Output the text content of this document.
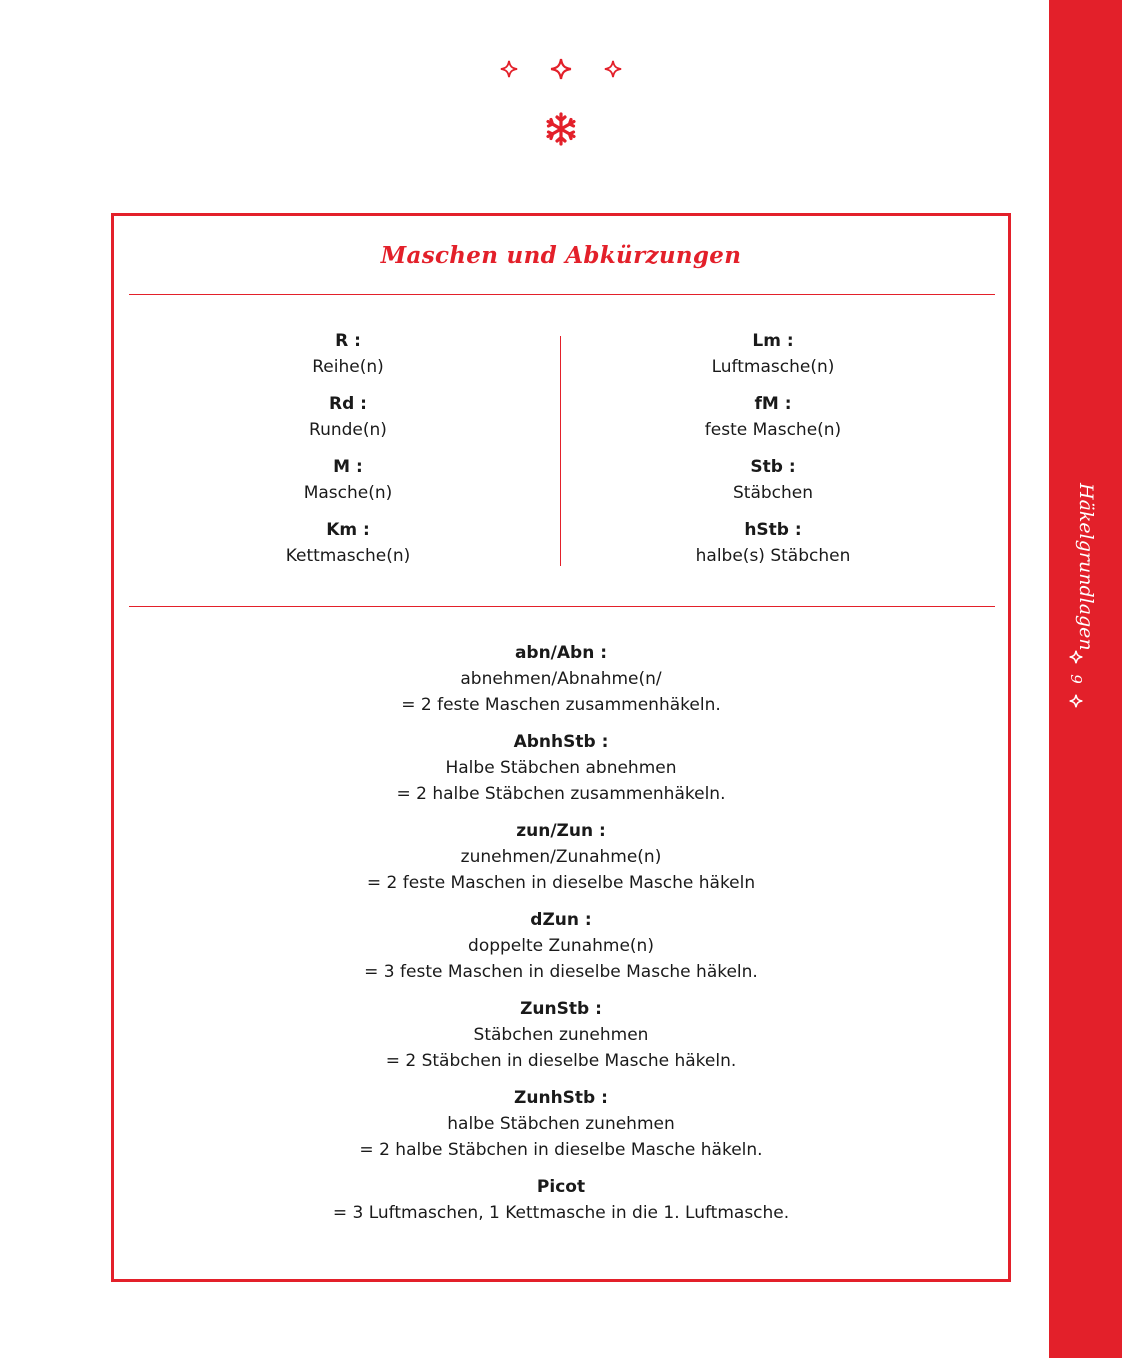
Maschen und Abkürzungen
R :
Reihe(n)
Rd :
Runde(n)
M :
Masche(n)
Km :
Kettmasche(n)
Lm :
Luftmasche(n)
fM :
feste Masche(n)
Stb :
Stäbchen
hStb :
halbe(s) Stäbchen
abn/Abn :
abnehmen/Abnahme(n/
= 2 feste Maschen zusammenhäkeln.
AbnhStb :
Halbe Stäbchen abnehmen
= 2 halbe Stäbchen zusammenhäkeln.
zun/Zun :
zunehmen/Zunahme(n)
= 2 feste Maschen in dieselbe Masche häkeln
dZun :
doppelte Zunahme(n)
= 3 feste Maschen in dieselbe Masche häkeln.
ZunStb :
Stäbchen zunehmen
= 2 Stäbchen in dieselbe Masche häkeln.
ZunhStb :
halbe Stäbchen zunehmen
= 2 halbe Stäbchen in dieselbe Masche häkeln.
Picot
= 3 Luftmaschen, 1 Kettmasche in die 1. Luftmasche.
Häkelgrundlagen
9
